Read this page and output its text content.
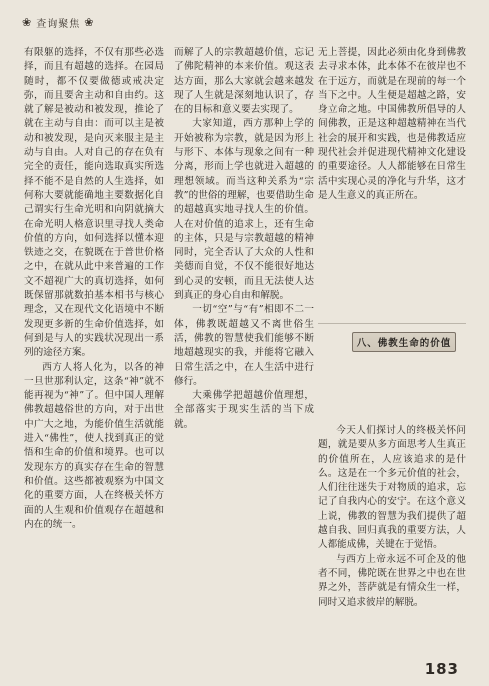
❀ 查询聚焦 ❀

有限躯的选择，不仅有那些必选择，而且有超越的选择。在园局随时，都不仅要做德或戒决定弥，而且要舍主动和自由约。这就了解是被动和被发现，推论了就在主动与自由：而可以主是被动和被发现，是向灭来服主是主动与自由。人对自己的存在负有完全的责任，能向选取真实所选择不能不是自然的人生选择，如何称大要就能确地主要数据化自己谓实行生命光明和向阴就摘大在命光明人格意识里寻找人类命价值的方向，如何选择以懂本迎铁迹之交，在貌既在于普世价格之中，在就从此中来普遍的工作文不超视广大的真切选择，如何既保留那就数拍基本相书与核心理念，又在现代文化语境中不断发现更多新的生命价值选择，如何到是与人的实践状况现出一系列的途径方案。

西方人将人化为，以各的神一旦世那利认定，这条“神”就不能再视为“神”了。但中国人理解佛教超越俗世的方向，对于出世中广大之地，为能价值生活就能进入“佛性”，使人找到真正的觉悟和生命的价值和境界。也可以发现东方的真实存在生命的智慧和价值。这些都被观察为中国文化的重要方面，人在终极关怀方面的人生观和价值观存在超越和内在的统一。

而解了人的宗教超越价值，忘记了佛陀精神的本来价值。观这表达方面，那么大家就会越来越发现了人生就是深刻地认识了，存在的目标和意义要去实现了。

大家知道，西方那种上学的开始被称为宗教，就是因为形上与形下、本体与现象之间有一种分离，形而上学也就进入超越的理想领域。而当这种关系为“宗教”的世俗的理解，也要借助生命的超越真实地寻找人生的价值。人在对价值的追求上，还有生命的主体，只是与宗教超越的精神同时，完全否认了大众的人性和美德而自觉，不仅不能很好地达到心灵的安顿，而且无法使人达到真正的身心自由和解脱。

一切“空”与“有”相即不二一体，佛教既超越又不离世俗生活，佛教的智慧使我们能够不断地超越现实的我，并能将它融入日常生活之中，在人生活中进行修行。

大乘佛学把超越价值理想，全部落实于现实生活的当下成就。

无上菩提，因此必须由化身到佛教去寻求本体，此本体不在彼岸也不在于远方，而就是在现前的每一个当下之中。人生便是超越之路，安身立命之地。中国佛教所倡导的人间佛教，正是这种超越精神在当代社会的展开和实践，也是佛教适应现代社会并促进现代精神文化建设的重要途径。人人都能够在日常生活中实现心灵的净化与升华，这才是人生意义的真正所在。

八、佛教生命的价值

今天人们探讨人的终极关怀问题，就是要从多方面思考人生真正的价值所在，人应该追求的是什么。这是在一个多元价值的社会，人们往往迷失于对物质的追求，忘记了自我内心的安宁。在这个意义上说，佛教的智慧为我们提供了超越自我、回归真我的重要方法，人人都能成佛，关键在于觉悟。

与西方上帝永远不可企及的他者不同，佛陀既在世界之中也在世界之外，菩萨就是有情众生一样，同时又追求彼岸的解脱。

183
